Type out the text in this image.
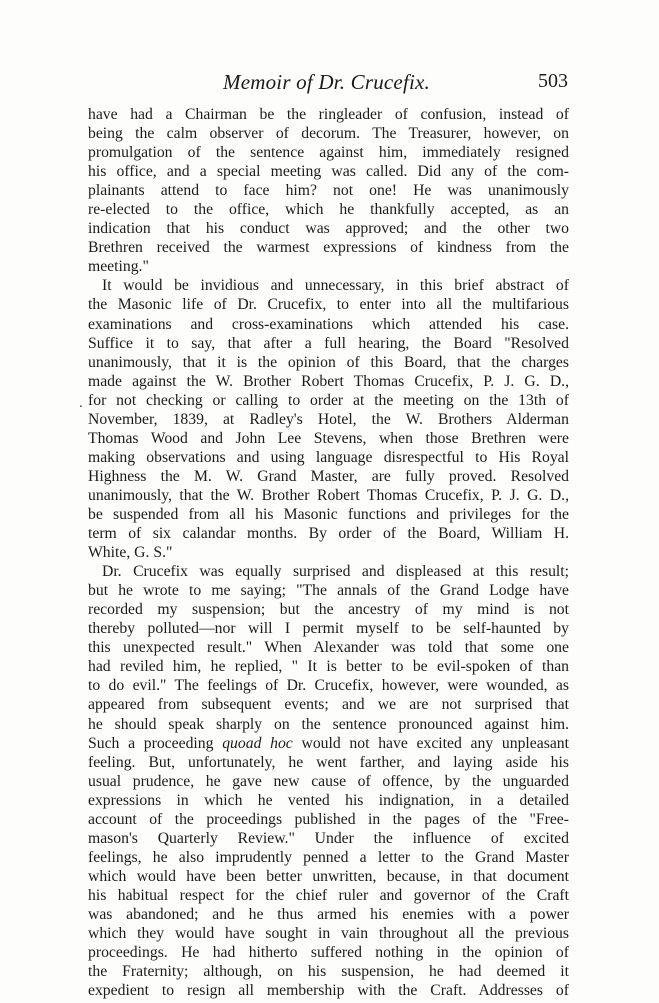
Memoir of Dr. Crucefix.	503
.
have had a Chairman be the ringleader of confusion, instead of
being the calm observer of decorum. The Treasurer, however, on
promulgation of the sentence against him, immediately resigned
his office, and a special meeting was called. Did any of the com-
plainants attend to face him? not one! He was unanimously
re-elected to the office, which he thankfully accepted, as an
indication that his conduct was approved; and the other two
Brethren received the warmest expressions of kindness from the
meeting."
It would be invidious and unnecessary, in this brief abstract of
the Masonic life of Dr. Crucefix, to enter into all the multifarious
examinations and cross-examinations which attended his case.
Suffice it to say, that after a full hearing, the Board "Resolved
unanimously, that it is the opinion of this Board, that the charges
made against the W. Brother Robert Thomas Crucefix, P. J. G. D.,
for not checking or calling to order at the meeting on the 13th of
November, 1839, at Radley's Hotel, the W. Brothers Alderman
Thomas Wood and John Lee Stevens, when those Brethren were
making observations and using language disrespectful to His Royal
Highness the M. W. Grand Master, are fully proved. Resolved
unanimously, that the W. Brother Robert Thomas Crucefix, P. J. G. D.,
be suspended from all his Masonic functions and privileges for the
term of six calandar months. By order of the Board, William H.
White, G. S."
Dr. Crucefix was equally surprised and displeased at this result;
but he wrote to me saying; "The annals of the Grand Lodge have
recorded my suspension; but the ancestry of my mind is not
thereby polluted—nor will I permit myself to be self-haunted by
this unexpected result." When Alexander was told that some one
had reviled him, he replied, " It is better to be evil-spoken of than
to do evil." The feelings of Dr. Crucefix, however, were wounded, as
appeared from subsequent events; and we are not surprised that
he should speak sharply on the sentence pronounced against him.
Such a proceeding quoad hoc would not have excited any unpleasant
feeling. But, unfortunately, he went farther, and laying aside his
usual prudence, he gave new cause of offence, by the unguarded
expressions in which he vented his indignation, in a detailed
account of the proceedings published in the pages of the "Free-
mason's Quarterly Review." Under the influence of excited
feelings, he also imprudently penned a letter to the Grand Master
which would have been better unwritten, because, in that document
his habitual respect for the chief ruler and governor of the Craft
was abandoned; and he thus armed his enemies with a power
which they would have sought in vain throughout all the previous
proceedings. He had hitherto suffered nothing in the opinion of
the Fraternity; although, on his suspension, he had deemed it
expedient to resign all membership with the Craft. Addresses of
